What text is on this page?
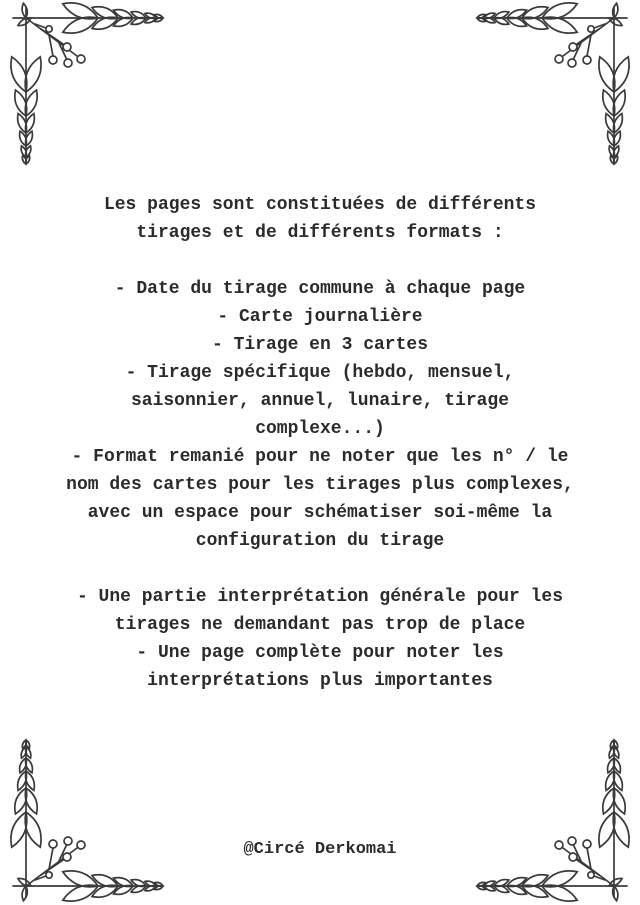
Les pages sont constituées de différents

tirages et de différents formats :

- Date du tirage commune à chaque page

- Carte journalière

- Tirage en 3 cartes

- Tirage spécifique (hebdo, mensuel,

saisonnier, annuel, lunaire, tirage

complexe...)

- Format remanié pour ne noter que les n° / le

nom des cartes pour les tirages plus complexes,

avec un espace pour schématiser soi-même la

configuration du tirage

- Une partie interprétation générale pour les

tirages ne demandant pas trop de place

- Une page complète pour noter les

interprétations plus importantes

@Circé Derkomai
